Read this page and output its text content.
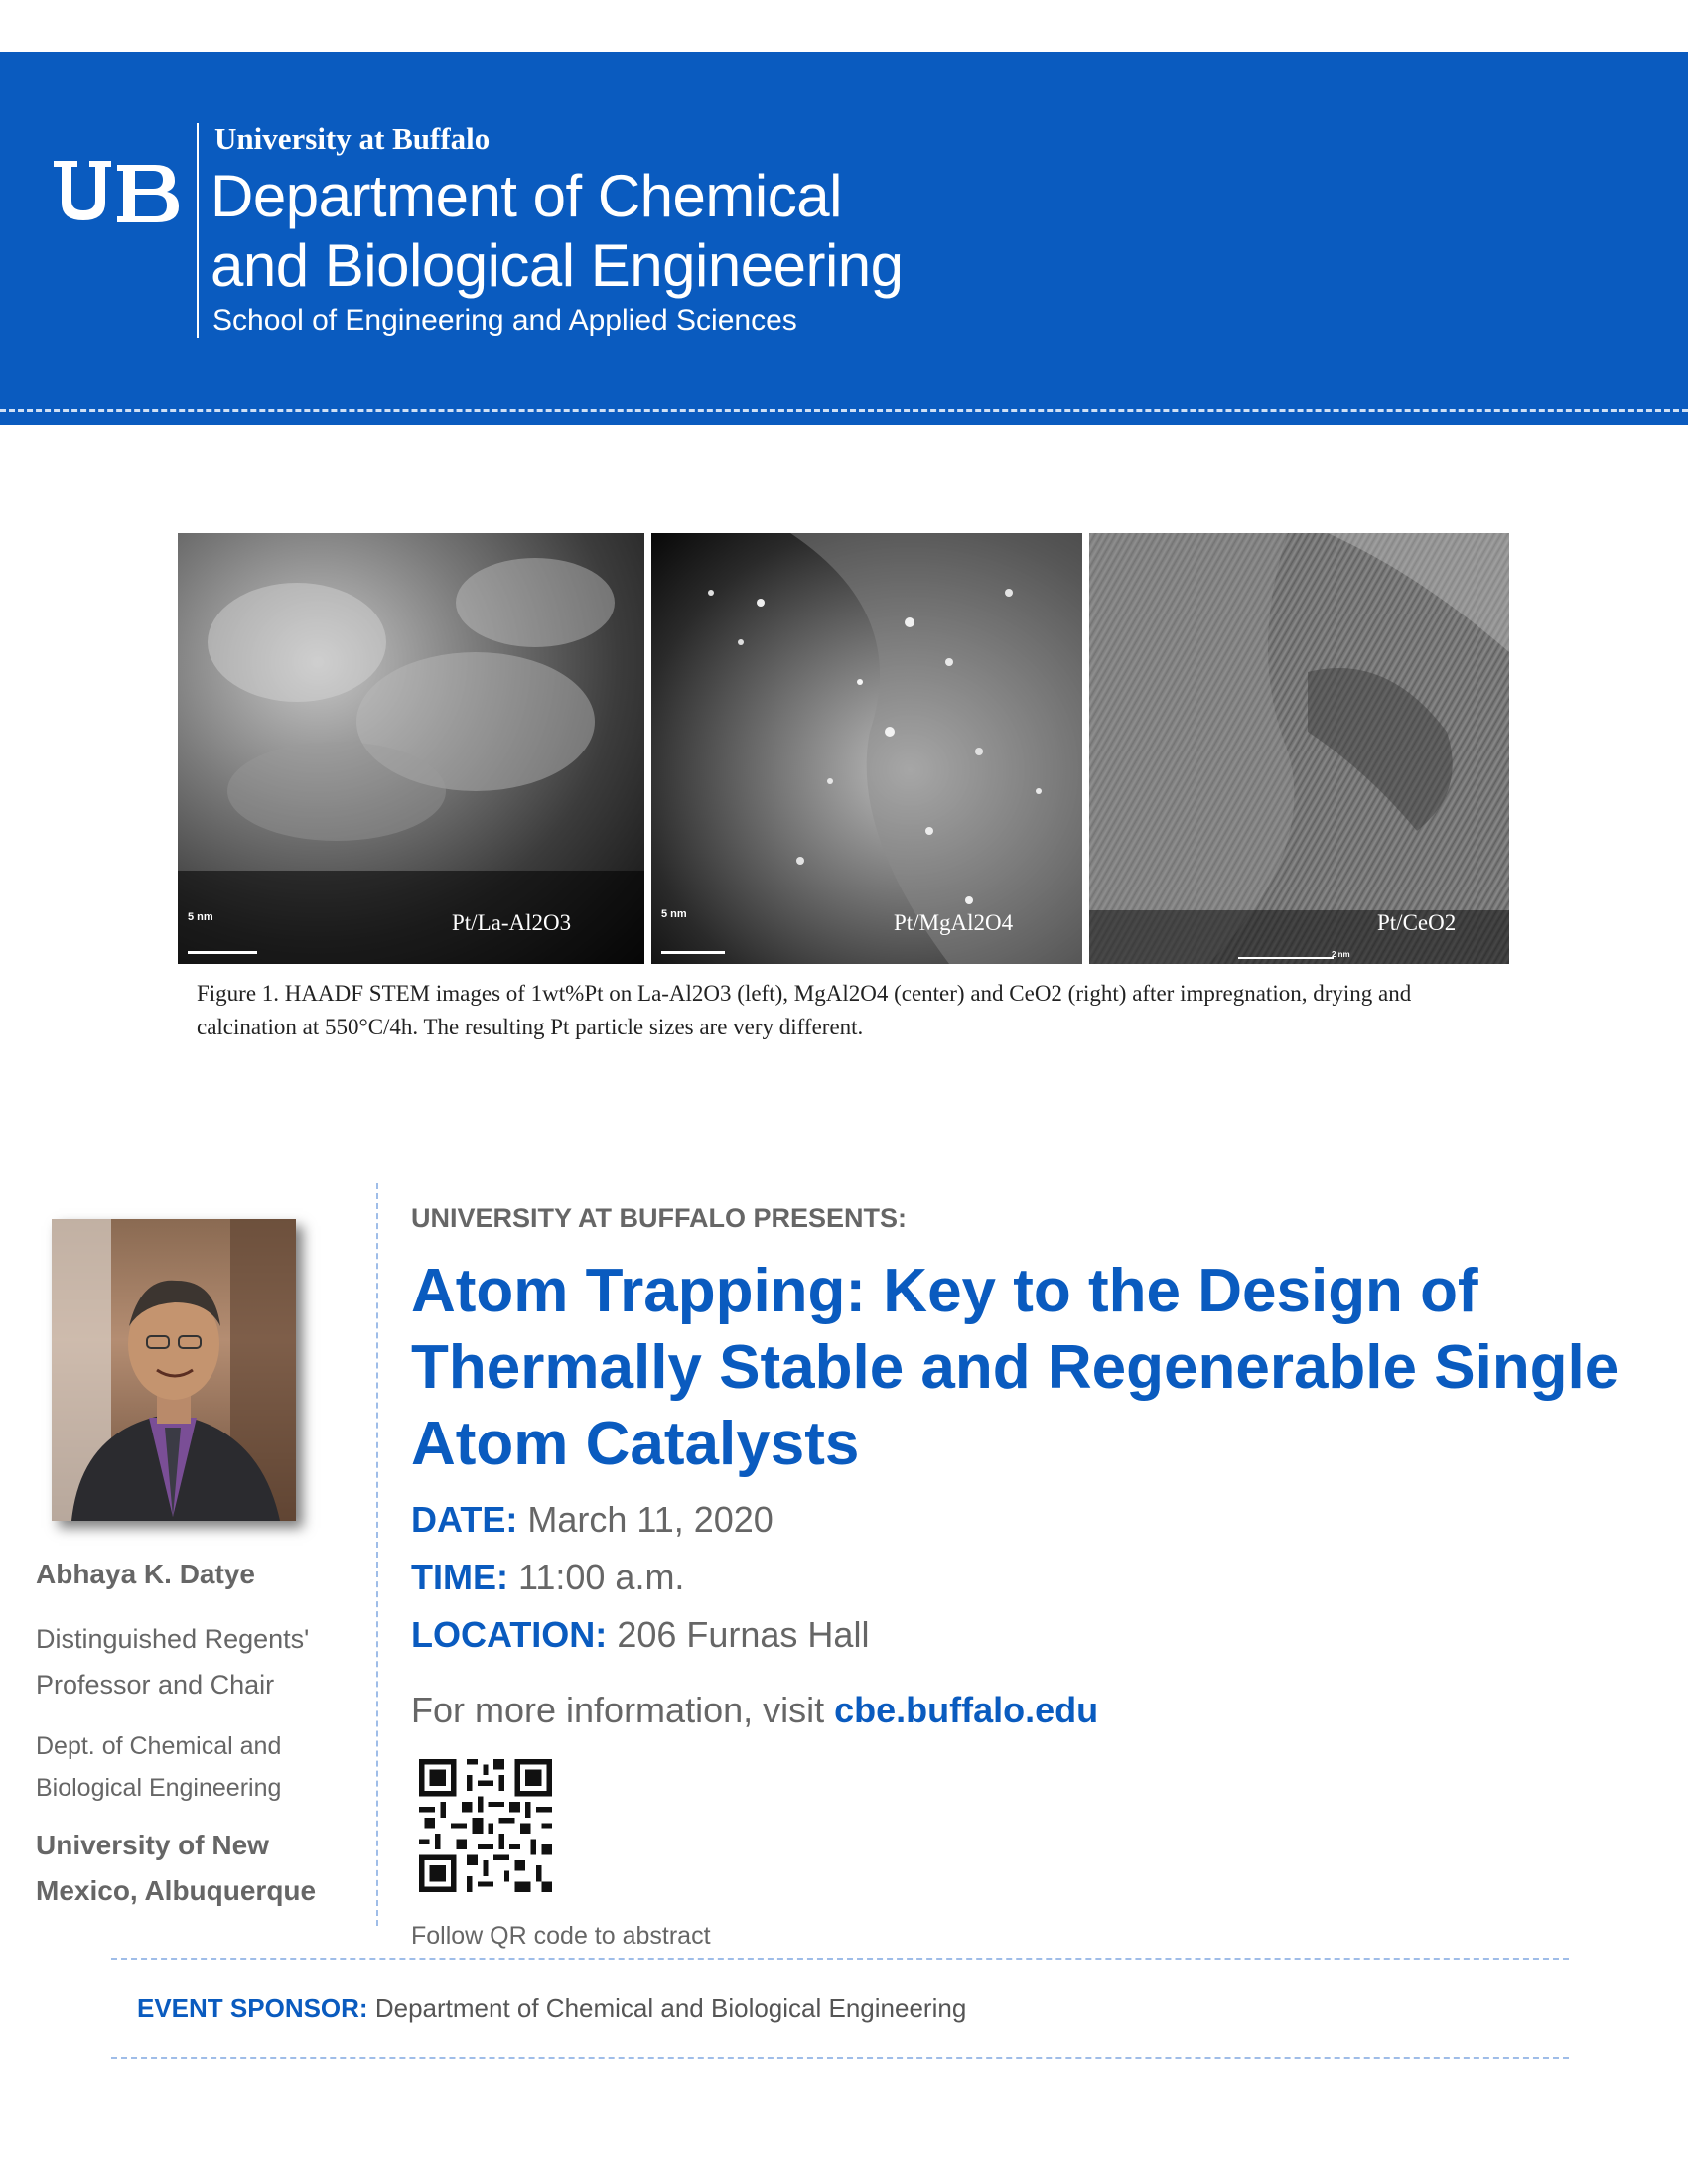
University at Buffalo
Department of Chemical
and Biological Engineering
School of Engineering and Applied Sciences
5 nm	Pt/La-Al2O3	5 nm	Pt/MgAl2O4
2 nm
Pt/CeO2
Figure 1. HAADF STEM images of 1wt%Pt on La-Al2O3 (left), MgAl2O4 (center) and CeO2 (right) after impregnation, drying and calcination at 550°C/4h. The resulting Pt particle sizes are very different.
Abhaya K. Datye
Distinguished Regents' Professor and Chair
Dept. of Chemical and Biological Engineering
University of New Mexico, Albuquerque
UNIVERSITY AT BUFFALO PRESENTS:
Atom Trapping: Key to the Design of Thermally Stable and Regenerable Single Atom Catalysts
DATE: March 11, 2020
TIME: 11:00 a.m.
LOCATION: 206 Furnas Hall
For more information, visit cbe.buffalo.edu
Follow QR code to abstract
EVENT SPONSOR: Department of Chemical and Biological Engineering
